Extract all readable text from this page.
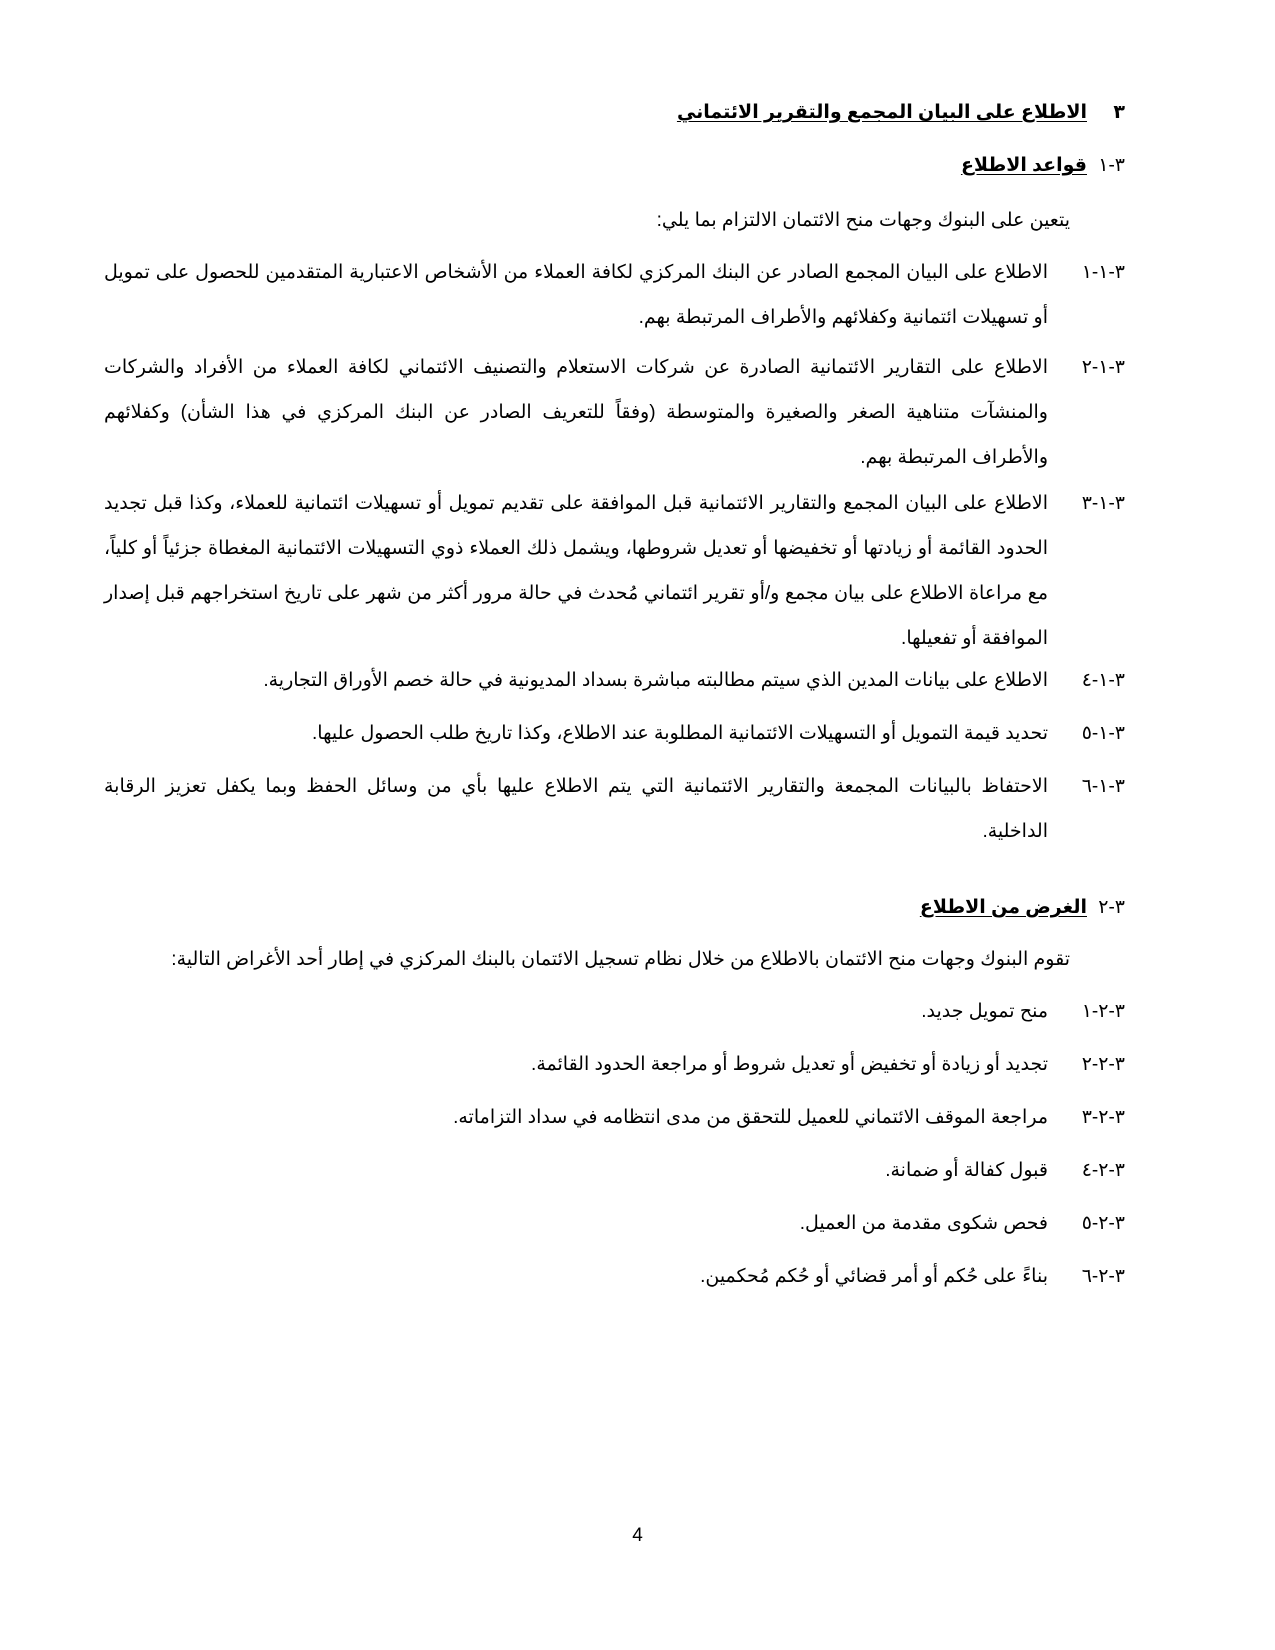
٣الاطلاع على البيان المجمع والتقرير الائتماني
٣-١قواعد الاطلاع
يتعين على البنوك وجهات منح الائتمان الالتزام بما يلي:
٣-١-١
الاطلاع على البيان المجمع الصادر عن البنك المركزي لكافة العملاء من الأشخاص الاعتبارية المتقدمين للحصول على تمويل أو تسهيلات ائتمانية وكفلائهم والأطراف المرتبطة بهم.
٣-١-٢
الاطلاع على التقارير الائتمانية الصادرة عن شركات الاستعلام والتصنيف الائتماني لكافة العملاء من الأفراد والشركات والمنشآت متناهية الصغر والصغيرة والمتوسطة (وفقاً للتعريف الصادر عن البنك المركزي في هذا الشأن) وكفلائهم والأطراف المرتبطة بهم.
٣-١-٣
الاطلاع على البيان المجمع والتقارير الائتمانية قبل الموافقة على تقديم تمويل أو تسهيلات ائتمانية للعملاء، وكذا قبل تجديد الحدود القائمة أو زيادتها أو تخفيضها أو تعديل شروطها، ويشمل ذلك العملاء ذوي التسهيلات الائتمانية المغطاة جزئياً أو كلياً، مع مراعاة الاطلاع على بيان مجمع و/أو تقرير ائتماني مُحدث في حالة مرور أكثر من شهر على تاريخ استخراجهم قبل إصدار الموافقة أو تفعيلها.
٣-١-٤
الاطلاع على بيانات المدين الذي سيتم مطالبته مباشرة بسداد المديونية في حالة خصم الأوراق التجارية.
٣-١-٥
تحديد قيمة التمويل أو التسهيلات الائتمانية المطلوبة عند الاطلاع، وكذا تاريخ طلب الحصول عليها.
٣-١-٦
الاحتفاظ بالبيانات المجمعة والتقارير الائتمانية التي يتم الاطلاع عليها بأي من وسائل الحفظ وبما يكفل تعزيز الرقابة الداخلية.
٣-٢الغرض من الاطلاع
تقوم البنوك وجهات منح الائتمان بالاطلاع من خلال نظام تسجيل الائتمان بالبنك المركزي في إطار أحد الأغراض التالية:
٣-٢-١
منح تمويل جديد.
٣-٢-٢
تجديد أو زيادة أو تخفيض أو تعديل شروط أو مراجعة الحدود القائمة.
٣-٢-٣
مراجعة الموقف الائتماني للعميل للتحقق من مدى انتظامه في سداد التزاماته.
٣-٢-٤
قبول كفالة أو ضمانة.
٣-٢-٥
فحص شكوى مقدمة من العميل.
٣-٢-٦
بناءً على حُكم أو أمر قضائي أو حُكم مُحكمين.
4
